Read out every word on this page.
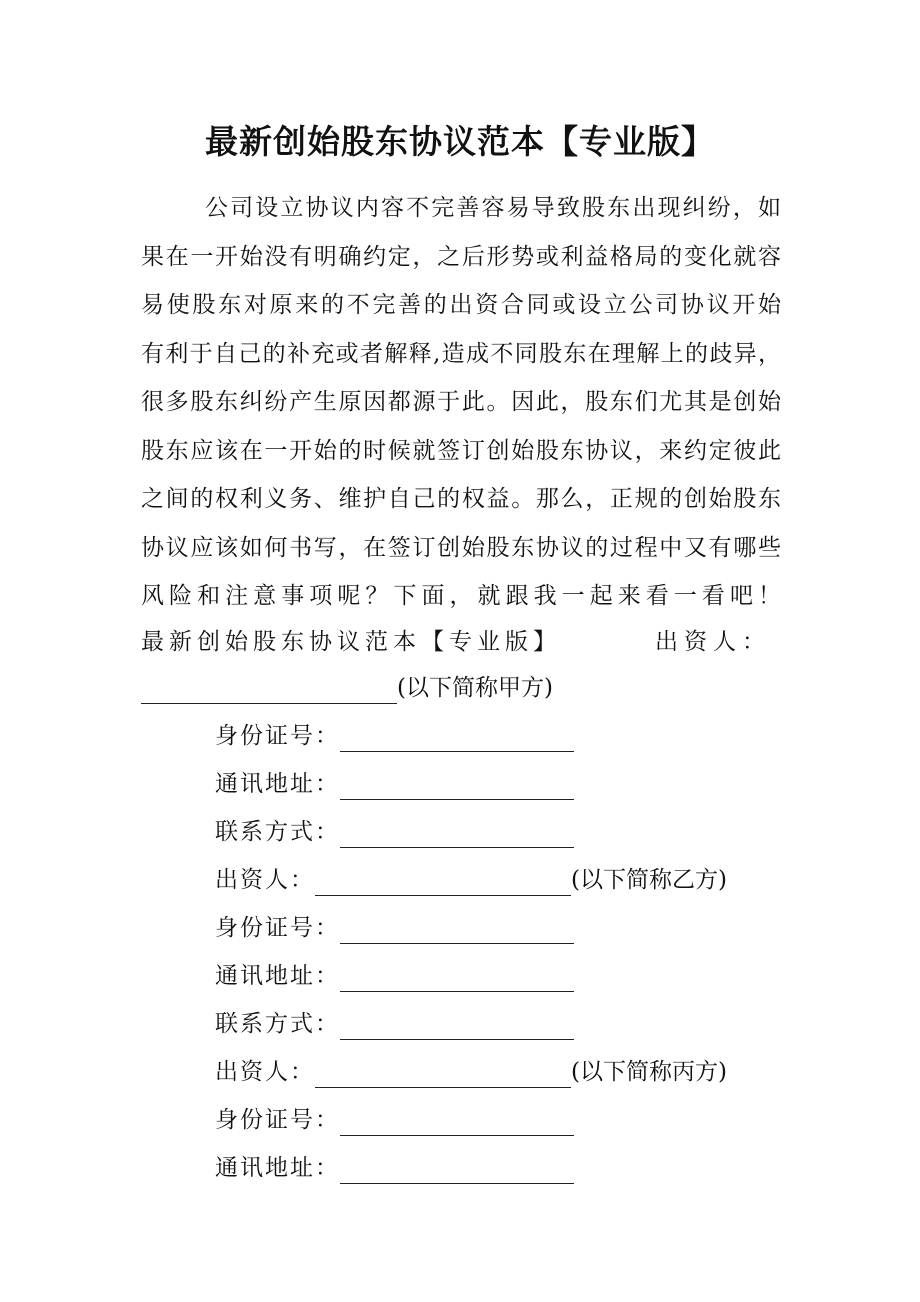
最新创始股东协议范本【专业版】
公司设立协议内容不完善容易导致股东出现纠纷，如
果在一开始没有明确约定，之后形势或利益格局的变化就容
易使股东对原来的不完善的出资合同或设立公司协议开始
有利于自己的补充或者解释,造成不同股东在理解上的歧异，
很多股东纠纷产生原因都源于此。因此，股东们尤其是创始
股东应该在一开始的时候就签订创始股东协议，来约定彼此
之间的权利义务、维护自己的权益。那么，正规的创始股东
协议应该如何书写，在签订创始股东协议的过程中又有哪些
风险和注意事项呢？下面，就跟我一起来看一看吧！
最新创始股东协议范本【专业版】	出资人：
(以下简称甲方)
身份证号：
通讯地址：
联系方式：
出资人：	(以下简称乙方)
身份证号：
通讯地址：
联系方式：
出资人：	(以下简称丙方)
身份证号：
通讯地址：
